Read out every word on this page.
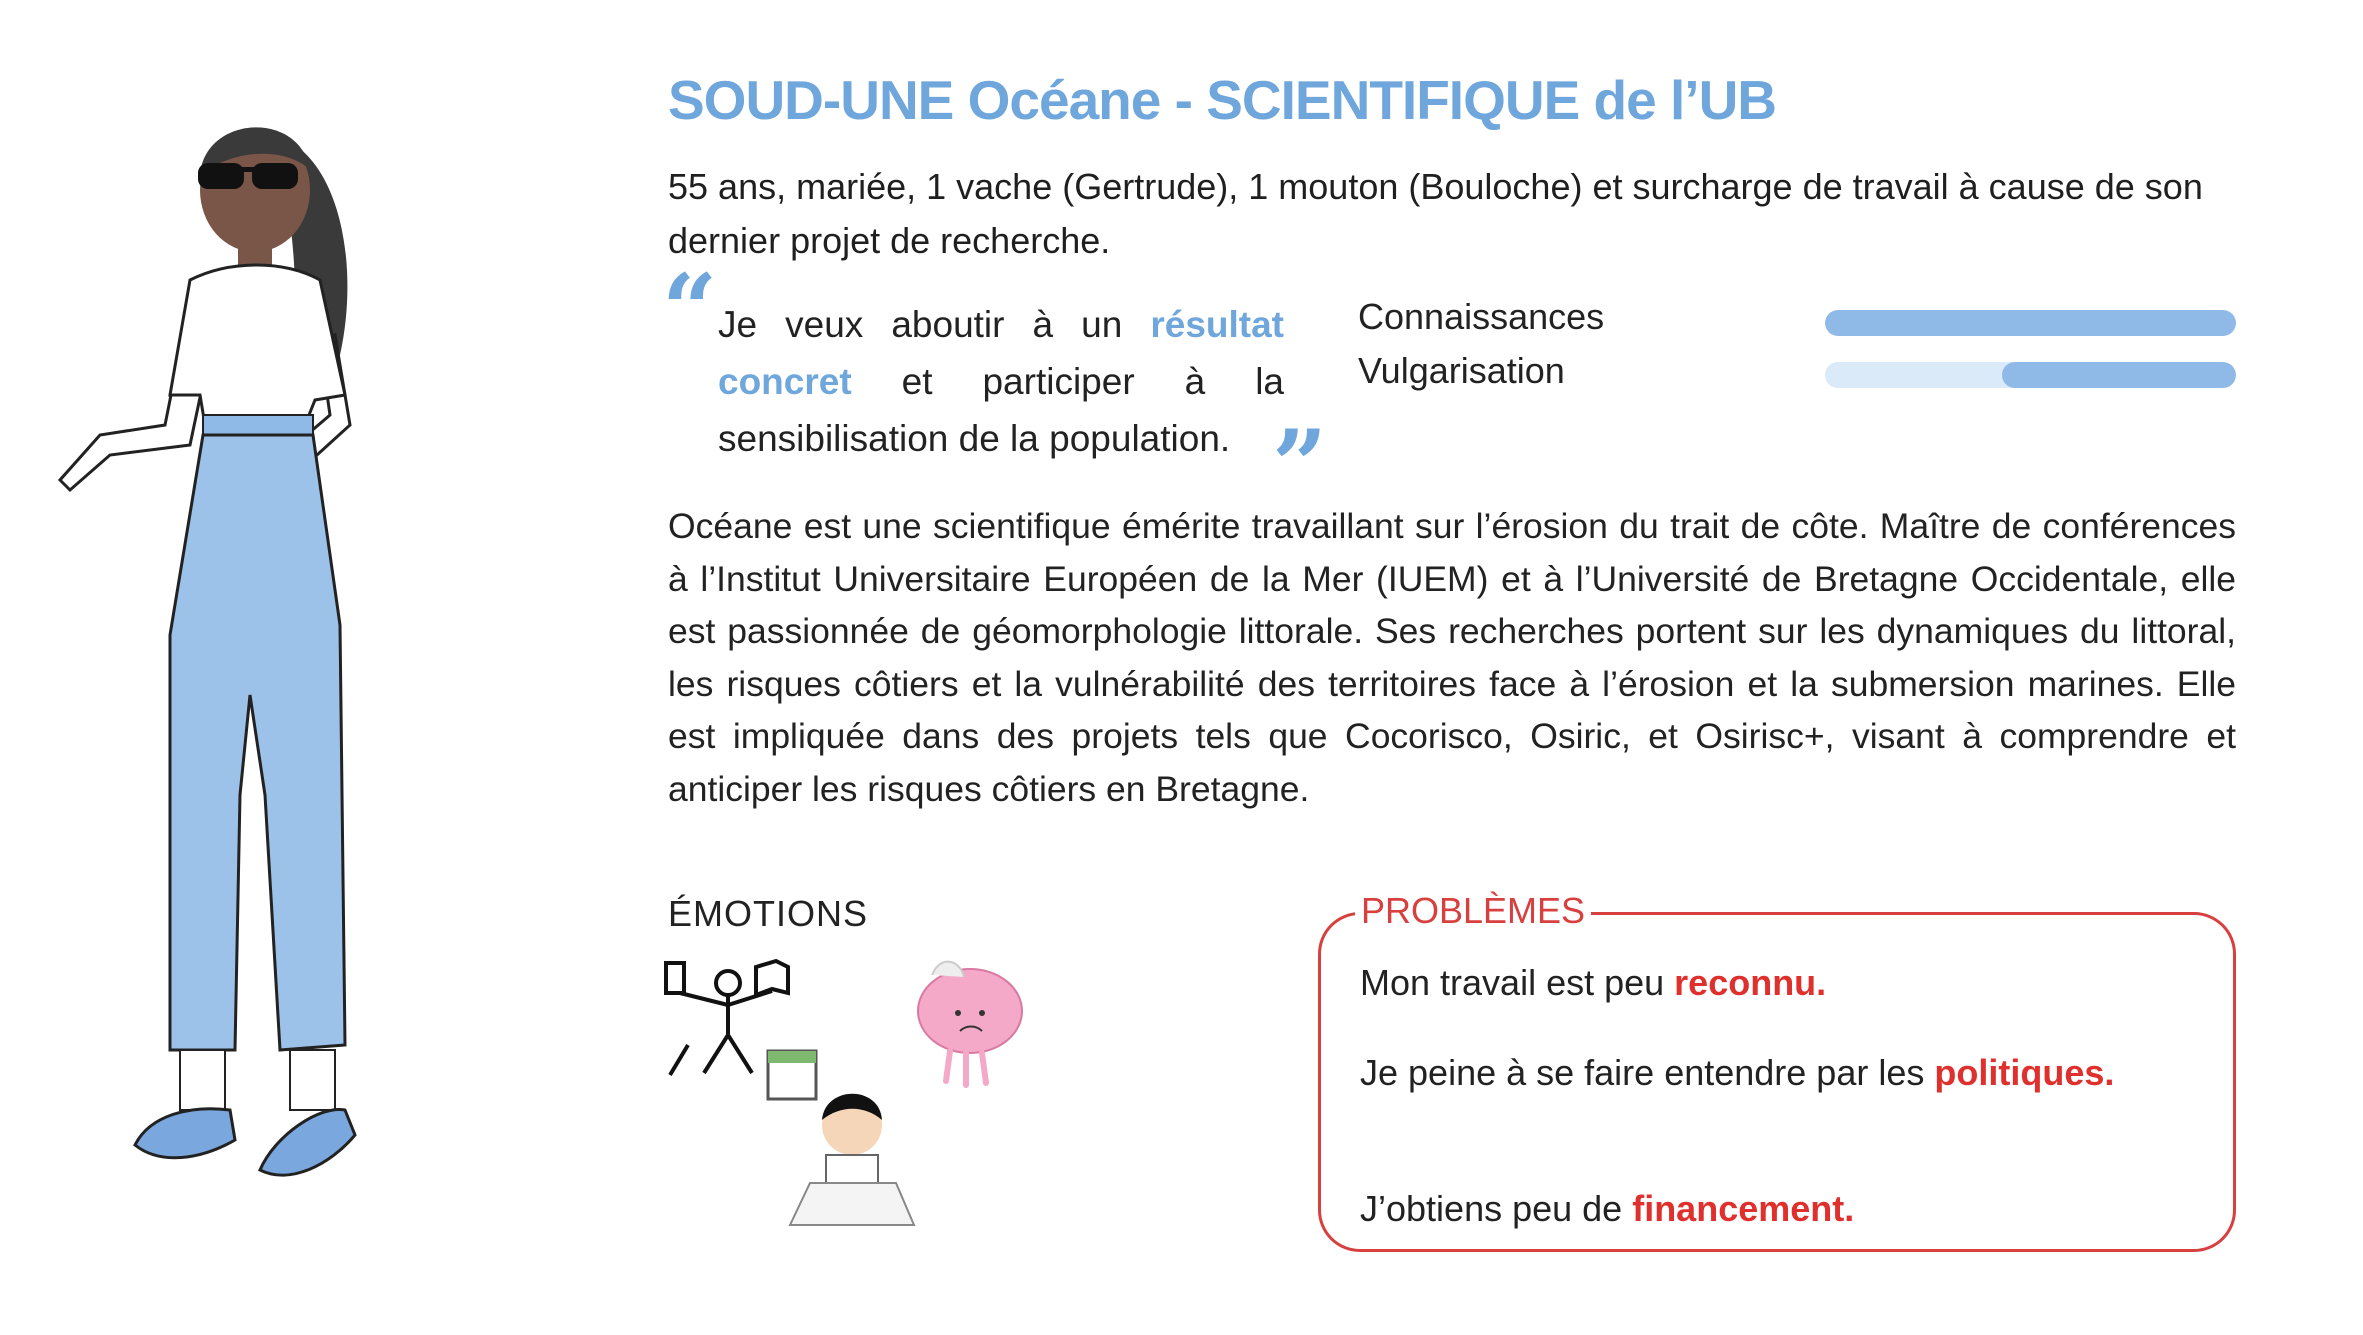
SOUD-UNE Océane - SCIENTIFIQUE de l’UB
55 ans, mariée, 1 vache (Gertrude), 1 mouton (Bouloche) et surcharge de travail à cause de son dernier projet de recherche.
“ Je veux aboutir à un résultat concret et participer à la sensibilisation de la population. ”
Connaissances
Vulgarisation
Océane est une scientifique émérite travaillant sur l’érosion du trait de côte. Maître de conférences à l’Institut Universitaire Européen de la Mer (IUEM) et à l’Université de Bretagne Occidentale, elle est passionnée de géomorphologie littorale. Ses recherches portent sur les dynamiques du littoral, les risques côtiers et la vulnérabilité des territoires face à l’érosion et la submersion marines. Elle est impliquée dans des projets tels que Cocorisco, Osiric, et Osirisc+, visant à comprendre et anticiper les risques côtiers en Bretagne.
ÉMOTIONS	PROBLÈMES
Mon travail est peu reconnu.
Je peine à se faire entendre par les politiques.
J’obtiens peu de financement.
